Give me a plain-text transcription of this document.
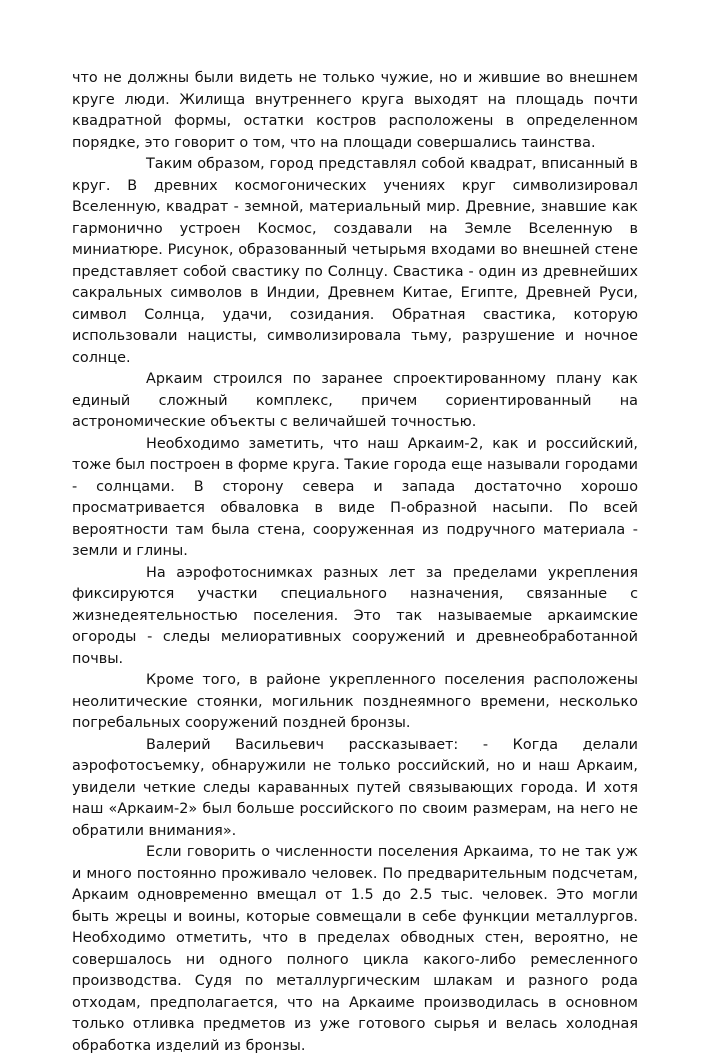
что не должны были видеть не только чужие, но и жившие во внешнем круге люди. Жилища внутреннего круга выходят на площадь почти квадратной формы, остатки костров расположены в определенном порядке, это говорит о том, что на площади совершались таинства.

Таким образом, город представлял собой квадрат, вписанный в круг. В древних космогонических учениях круг символизировал Вселенную, квадрат - земной, материальный мир. Древние, знавшие как гармонично устроен Космос, создавали на Земле Вселенную в миниатюре. Рисунок, образованный четырьмя входами во внешней стене представляет собой свастику по Солнцу. Свастика - один из древнейших сакральных символов в Индии, Древнем Китае, Египте, Древней Руси, символ Солнца, удачи, созидания. Обратная свастика, которую использовали нацисты, символизировала тьму, разрушение и ночное солнце.

Аркаим строился по заранее спроектированному плану как единый сложный комплекс, причем сориентированный на астрономические объекты с величайшей точностью.

Необходимо заметить, что наш Аркаим-2, как и российский, тоже был построен в форме круга. Такие города еще называли городами - солнцами. В сторону севера и запада достаточно хорошо просматривается обваловка в виде П-образной насыпи. По всей вероятности там была стена, сооруженная из подручного материала - земли и глины.

На аэрофотоснимках разных лет за пределами укрепления фиксируются участки специального назначения, связанные с жизнедеятельностью поселения. Это так называемые аркаимские огороды - следы мелиоративных сооружений и древнеобработанной почвы.

Кроме того, в районе укрепленного поселения расположены неолитические стоянки, могильник позднеямного времени, несколько погребальных сооружений поздней бронзы.

Валерий Васильевич рассказывает: - Когда делали аэрофотосъемку, обнаружили не только российский, но и наш Аркаим, увидели четкие следы караванных путей связывающих города. И хотя наш «Аркаим-2» был больше российского по своим размерам, на него не обратили внимания».

Если говорить о численности поселения Аркаима, то не так уж и много постоянно проживало человек. По предварительным подсчетам, Аркаим одновременно вмещал от 1.5 до 2.5 тыс. человек. Это могли быть жрецы и воины, которые совмещали в себе функции металлургов. Необходимо отметить, что в пределах обводных стен, вероятно, не совершалось ни одного полного цикла какого-либо ремесленного производства. Судя по металлургическим шлакам и разного рода отходам, предполагается, что на Аркаиме производилась в основном только отливка предметов из уже готового сырья и велась холодная обработка изделий из бронзы.
